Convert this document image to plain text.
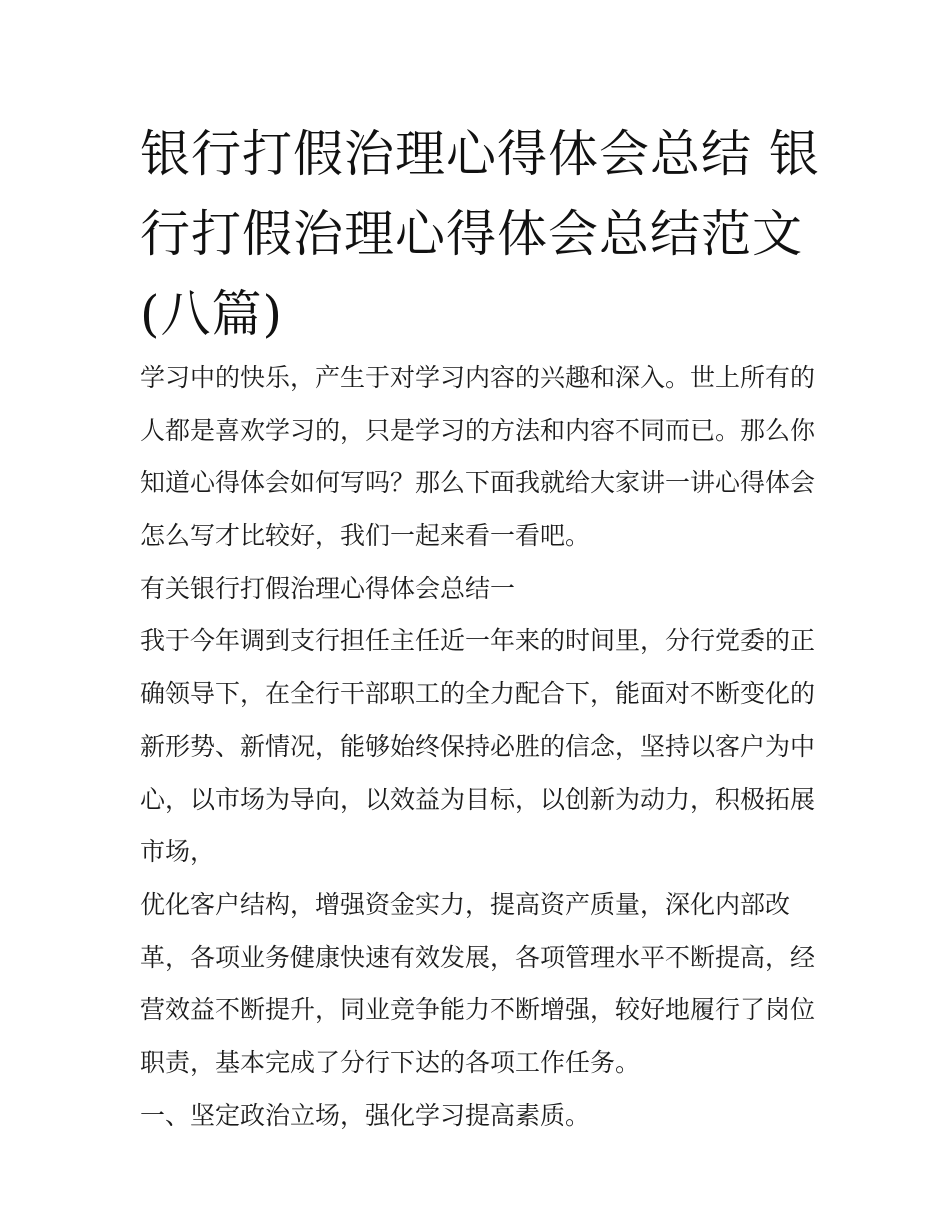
银行打假治理心得体会总结 银
行打假治理心得体会总结范文
(八篇)
学习中的快乐，产生于对学习内容的兴趣和深入。世上所有的
人都是喜欢学习的，只是学习的方法和内容不同而已。那么你
知道心得体会如何写吗？那么下面我就给大家讲一讲心得体会
怎么写才比较好，我们一起来看一看吧。
有关银行打假治理心得体会总结一
我于今年调到支行担任主任近一年来的时间里，分行党委的正
确领导下，在全行干部职工的全力配合下，能面对不断变化的
新形势、新情况，能够始终保持必胜的信念，坚持以客户为中
心，以市场为导向，以效益为目标，以创新为动力，积极拓展
市场，
优化客户结构，增强资金实力，提高资产质量，深化内部改
革，各项业务健康快速有效发展，各项管理水平不断提高，经
营效益不断提升，同业竞争能力不断增强，较好地履行了岗位
职责，基本完成了分行下达的各项工作任务。
一、坚定政治立场，强化学习提高素质。
